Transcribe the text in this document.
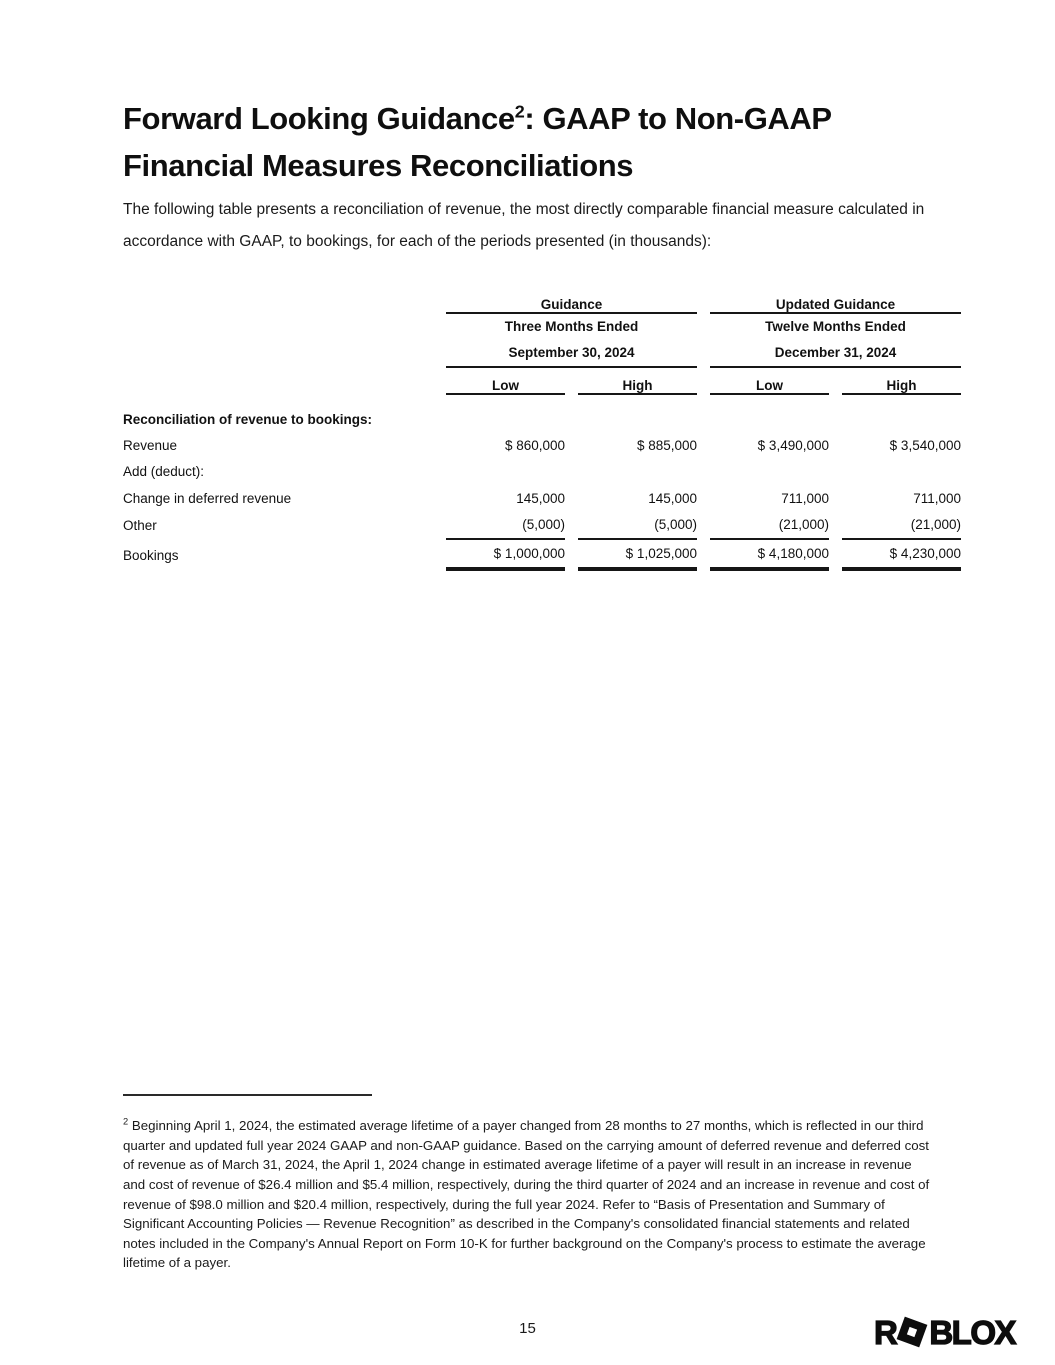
Forward Looking Guidance$^2$: GAAP to Non-GAAP Financial Measures Reconciliations

The following table presents a reconciliation of revenue, the most directly comparable financial measure calculated in accordance with GAAP, to bookings, for each of the periods presented (in thousands):

	Guidance		Updated Guidance	

Three Months Ended
September 30, 2024

Twelve Months Ended
December 31, 2024

	Low	High	Low	High
Reconciliation of revenue to bookings:				
Revenue	$ 860,000	$ 885,000	$ 3,490,000	$ 3,540,000
Add (deduct):				
Change in deferred revenue	145,000	145,000	711,000	711,000
Other	(5,000)	(5,000)	(21,000)	(21,000)
Bookings	$ 1,000,000	$ 1,025,000	$ 4,180,000	$ 4,230,000

$^2$ Beginning April 1, 2024, the estimated average lifetime of a payer changed from 28 months to 27 months, which is reflected in our third quarter and updated full year 2024 GAAP and non-GAAP guidance. Based on the carrying amount of deferred revenue and deferred cost of revenue as of March 31, 2024, the April 1, 2024 change in estimated average lifetime of a payer will result in an increase in revenue and cost of revenue of $26.4 million and $5.4 million, respectively, during the third quarter of 2024 and an increase in revenue and cost of revenue of $98.0 million and $20.4 million, respectively, during the full year 2024. Refer to “Basis of Presentation and Summary of Significant Accounting Policies — Revenue Recognition” as described in the Company's consolidated financial statements and related notes included in the Company's Annual Report on Form 10-K for further background on the Company's process to estimate the average lifetime of a payer.

15	R BLOX
